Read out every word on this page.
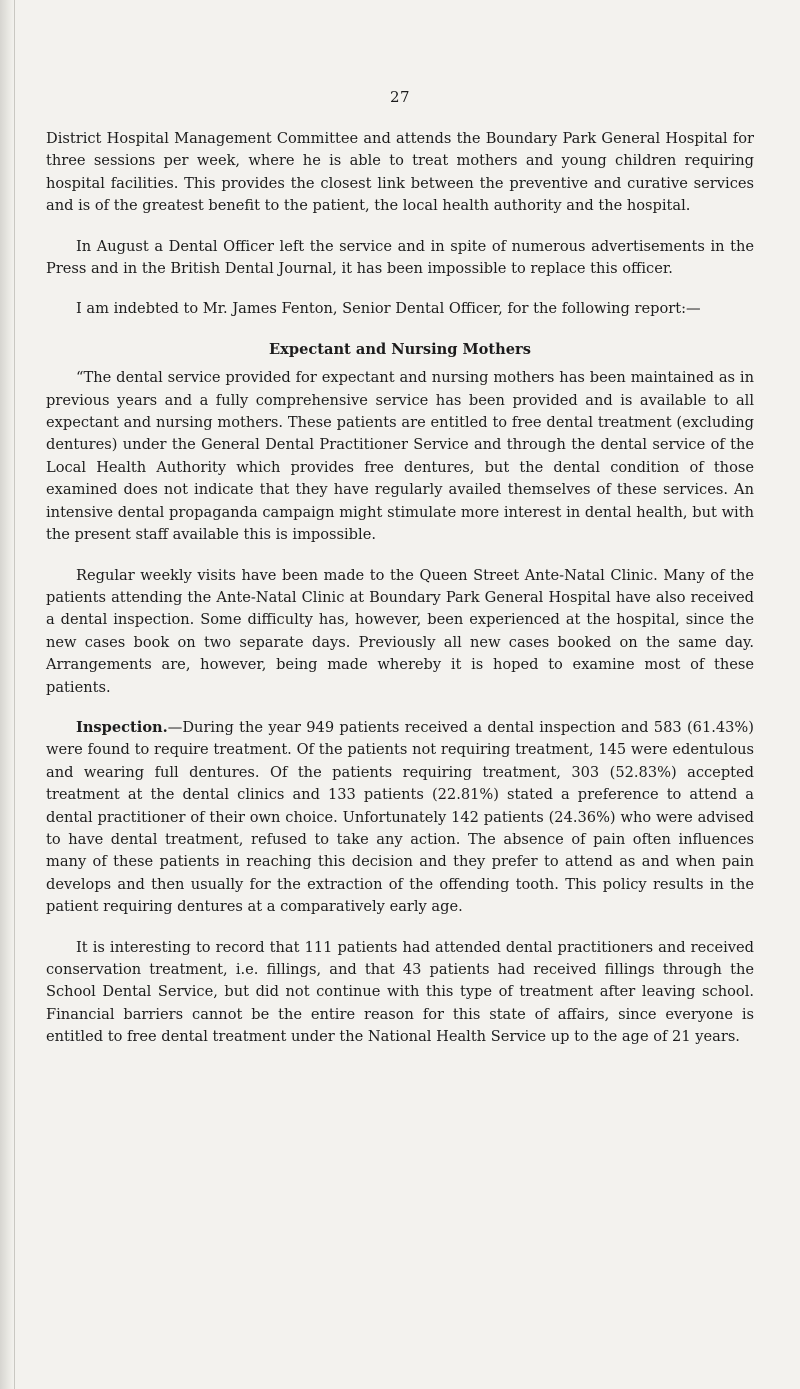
27

District Hospital Management Committee and attends the Boundary Park General Hospital for three sessions per week, where he is able to treat mothers and young children requiring hospital facilities. This provides the closest link between the preventive and curative services and is of the greatest benefit to the patient, the local health authority and the hospital.

In August a Dental Officer left the service and in spite of numerous advertisements in the Press and in the British Dental Journal, it has been impossible to replace this officer.

I am indebted to Mr. James Fenton, Senior Dental Officer, for the following report:—

Expectant and Nursing Mothers

“The dental service provided for expectant and nursing mothers has been maintained as in previous years and a fully comprehensive service has been provided and is available to all expectant and nursing mothers. These patients are entitled to free dental treatment (excluding dentures) under the General Dental Practitioner Service and through the dental service of the Local Health Authority which provides free dentures, but the dental condition of those examined does not indicate that they have regularly availed themselves of these services. An intensive dental propaganda campaign might stimulate more interest in dental health, but with the present staff available this is impossible.

Regular weekly visits have been made to the Queen Street Ante-Natal Clinic. Many of the patients attending the Ante-Natal Clinic at Boundary Park General Hospital have also received a dental inspection. Some difficulty has, however, been experienced at the hospital, since the new cases book on two separate days. Previously all new cases booked on the same day. Arrangements are, however, being made whereby it is hoped to examine most of these patients.

Inspection.—During the year 949 patients received a dental inspection and 583 (61.43%) were found to require treatment. Of the patients not requiring treatment, 145 were edentulous and wearing full dentures. Of the patients requiring treatment, 303 (52.83%) accepted treatment at the dental clinics and 133 patients (22.81%) stated a preference to attend a dental practitioner of their own choice. Unfortunately 142 patients (24.36%) who were advised to have dental treatment, refused to take any action. The absence of pain often influences many of these patients in reaching this decision and they prefer to attend as and when pain develops and then usually for the extraction of the offending tooth. This policy results in the patient requiring dentures at a comparatively early age.

It is interesting to record that 111 patients had attended dental practitioners and received conservation treatment, i.e. fillings, and that 43 patients had received fillings through the School Dental Service, but did not continue with this type of treatment after leaving school. Financial barriers cannot be the entire reason for this state of affairs, since everyone is entitled to free dental treatment under the National Health Service up to the age of 21 years.
